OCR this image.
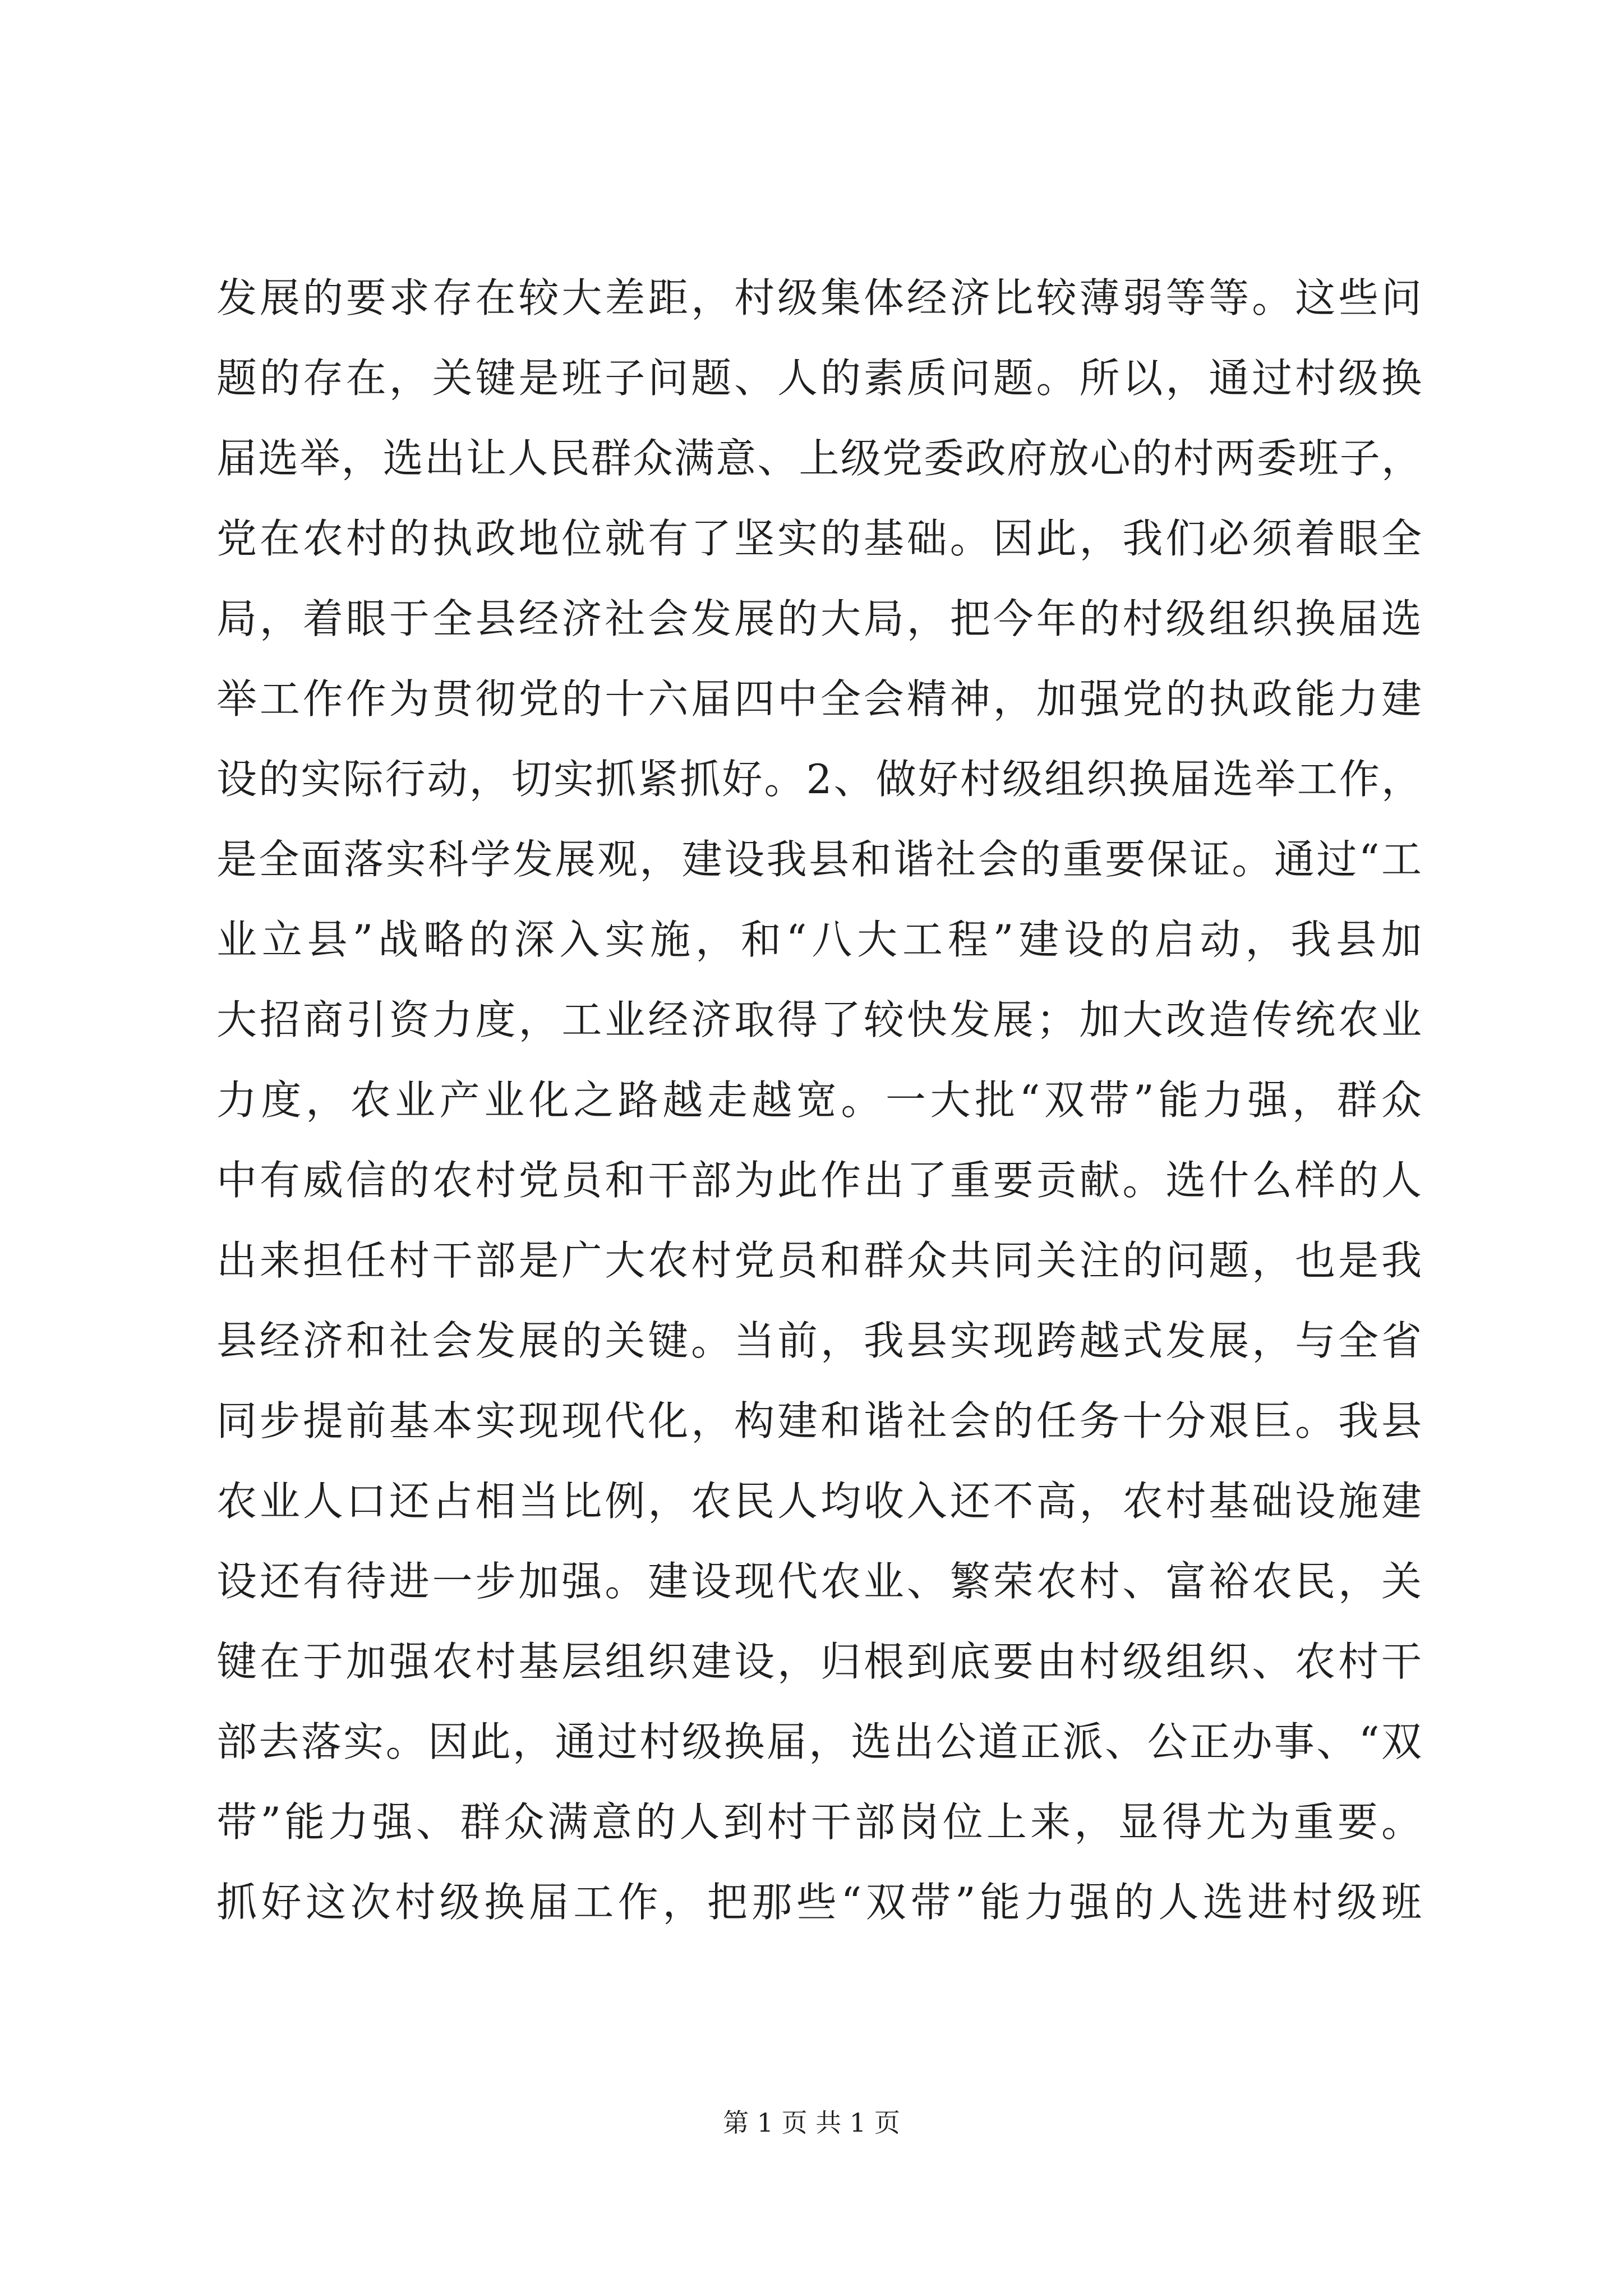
发展的要求存在较大差距，村级集体经济比较薄弱等等。这些问
题的存在，关键是班子问题、人的素质问题。所以，通过村级换
届选举，选出让人民群众满意、上级党委政府放心的村两委班子，
党在农村的执政地位就有了坚实的基础。因此，我们必须着眼全
局，着眼于全县经济社会发展的大局，把今年的村级组织换届选
举工作作为贯彻党的十六届四中全会精神，加强党的执政能力建
设的实际行动，切实抓紧抓好。2、做好村级组织换届选举工作，
是全面落实科学发展观，建设我县和谐社会的重要保证。通过“工
业立县”战略的深入实施，和“八大工程”建设的启动，我县加
大招商引资力度，工业经济取得了较快发展；加大改造传统农业
力度，农业产业化之路越走越宽。一大批“双带”能力强，群众
中有威信的农村党员和干部为此作出了重要贡献。选什么样的人
出来担任村干部是广大农村党员和群众共同关注的问题，也是我
县经济和社会发展的关键。当前，我县实现跨越式发展，与全省
同步提前基本实现现代化，构建和谐社会的任务十分艰巨。我县
农业人口还占相当比例，农民人均收入还不高，农村基础设施建
设还有待进一步加强。建设现代农业、繁荣农村、富裕农民，关
键在于加强农村基层组织建设，归根到底要由村级组织、农村干
部去落实。因此，通过村级换届，选出公道正派、公正办事、“双
带”能力强、群众满意的人到村干部岗位上来，显得尤为重要。
抓好这次村级换届工作，把那些“双带”能力强的人选进村级班
第 1 页 共 1 页
